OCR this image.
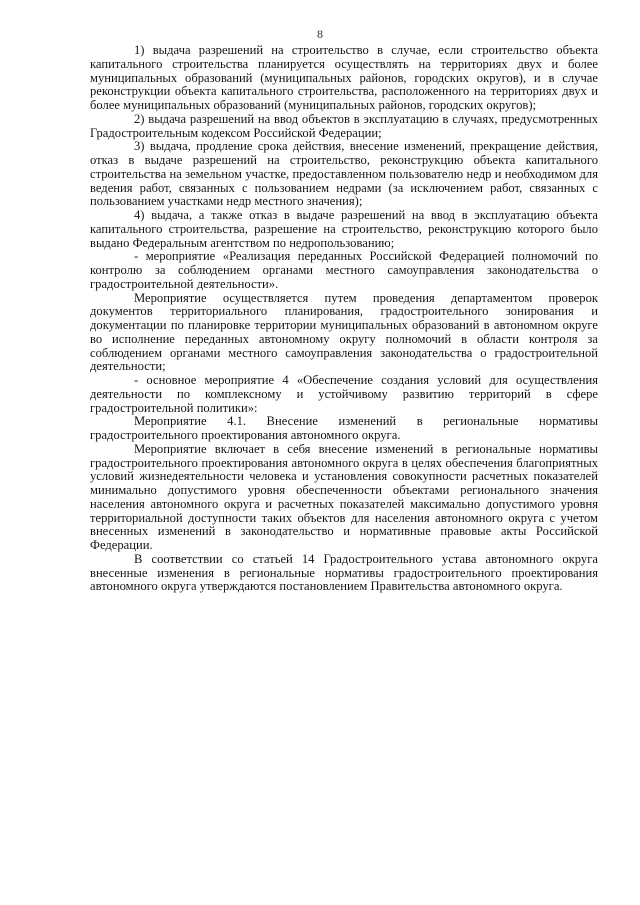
8

1) выдача разрешений на строительство в случае, если строительство объекта капитального строительства планируется осуществлять на территориях двух и более муниципальных образований (муниципальных районов, городских округов), и в случае реконструкции объекта капитального строительства, расположенного на территориях двух и более муниципальных образований (муниципальных районов, городских округов);

2) выдача разрешений на ввод объектов в эксплуатацию в случаях, предусмотренных Градостроительным кодексом Российской Федерации;

3) выдача, продление срока действия, внесение изменений, прекращение действия, отказ в выдаче разрешений на строительство, реконструкцию объекта капитального строительства на земельном участке, предоставленном пользователю недр и необходимом для ведения работ, связанных с пользованием недрами (за исключением работ, связанных с пользованием участками недр местного значения);

4) выдача, а также отказ в выдаче разрешений на ввод в эксплуатацию объекта капитального строительства, разрешение на строительство, реконструкцию которого было выдано Федеральным агентством по недропользованию;

- мероприятие «Реализация переданных Российской Федерацией полномочий по контролю за соблюдением органами местного самоуправления законодательства о градостроительной деятельности».

Мероприятие осуществляется путем проведения департаментом проверок документов территориального планирования, градостроительного зонирования и документации по планировке территории муниципальных образований в автономном округе во исполнение переданных автономному округу полномочий в области контроля за соблюдением органами местного самоуправления законодательства о градостроительной деятельности;

- основное мероприятие 4 «Обеспечение создания условий для осуществления деятельности по комплексному и устойчивому развитию территорий в сфере градостроительной политики»:

Мероприятие 4.1. Внесение изменений в региональные нормативы градостроительного проектирования автономного округа.

Мероприятие включает в себя внесение изменений в региональные нормативы градостроительного проектирования автономного округа в целях обеспечения благоприятных условий жизнедеятельности человека и установления совокупности расчетных показателей минимально допустимого уровня обеспеченности объектами регионального значения населения автономного округа и расчетных показателей максимально допустимого уровня территориальной доступности таких объектов для населения автономного округа с учетом внесенных изменений в законодательство и нормативные правовые акты Российской Федерации.

В соответствии со статьей 14 Градостроительного устава автономного округа внесенные изменения в региональные нормативы градостроительного проектирования автономного округа утверждаются постановлением Правительства автономного округа.
